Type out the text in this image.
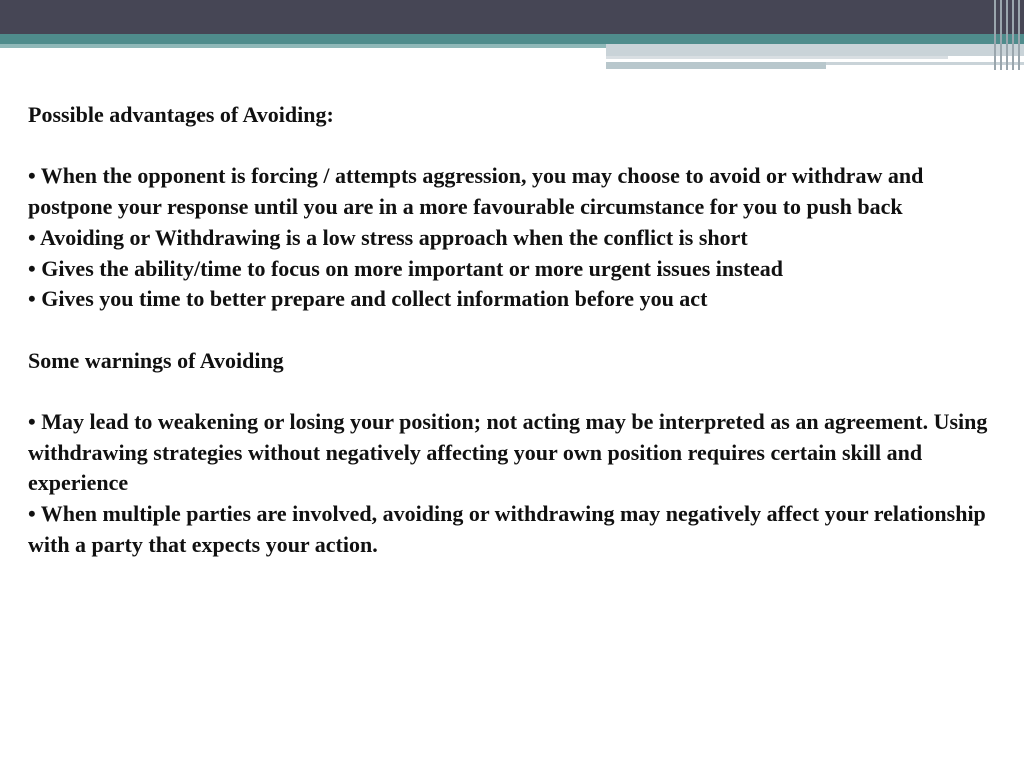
Possible advantages of Avoiding:

• When the opponent is forcing / attempts aggression, you may choose to avoid or withdraw and postpone your response until you are in a more favourable circumstance for you to push back

• Avoiding or Withdrawing is a low stress approach when the conflict is short

• Gives the ability/time to focus on more important or more urgent issues instead

• Gives you time to better prepare and collect information before you act

Some warnings of Avoiding

• May lead to weakening or losing your position; not acting may be interpreted as an agreement. Using withdrawing strategies without negatively affecting your own position requires certain skill and experience

• When multiple parties are involved, avoiding or withdrawing may negatively affect your relationship with a party that expects your action.
